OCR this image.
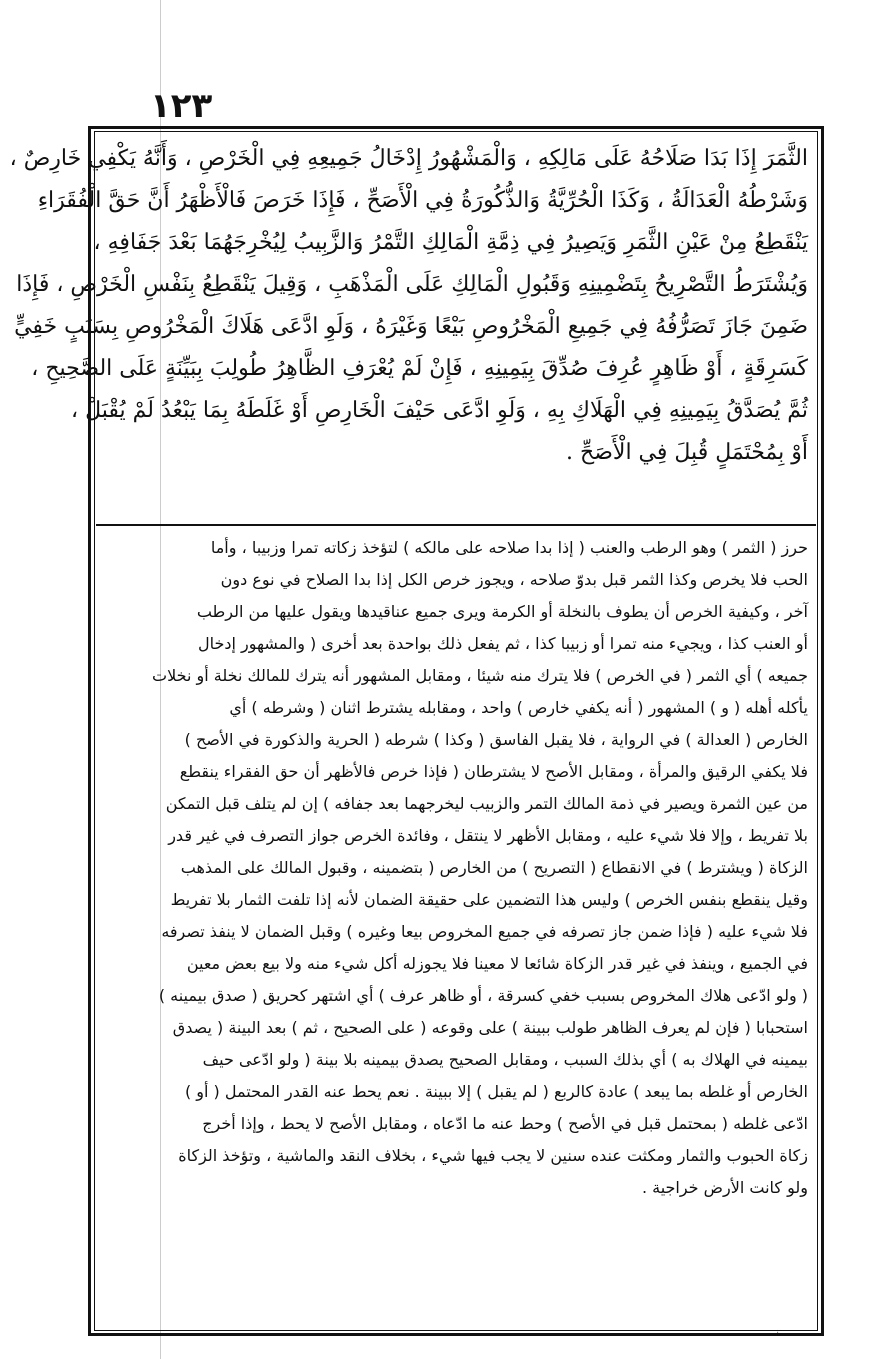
١٢٣
الثَّمَرَ إِذَا بَدَا صَلَاحُهُ عَلَى مَالِكِهِ ، وَالْمَشْهُورُ إِدْخَالُ جَمِيعِهِ فِي الْخَرْصِ ، وَأَنَّهُ يَكْفِي خَارِصٌ ،
وَشَرْطُهُ الْعَدَالَةُ ، وَكَذَا الْحُرِّيَّةُ وَالذُّكُورَةُ فِي الْأَصَحِّ ، فَإِذَا خَرَصَ فَالْأَظْهَرُ أَنَّ حَقَّ الْفُقَرَاءِ
يَنْقَطِعُ مِنْ عَيْنِ الثَّمَرِ وَيَصِيرُ فِي ذِمَّةِ الْمَالِكِ التَّمْرُ وَالزَّبِيبُ لِيُخْرِجَهُمَا بَعْدَ جَفَافِهِ ،
وَيُشْتَرَطُ التَّصْرِيحُ بِتَضْمِينِهِ وَقَبُولِ الْمَالِكِ عَلَى الْمَذْهَبِ ، وَقِيلَ يَنْقَطِعُ بِنَفْسِ الْخَرْصِ ، فَإِذَا
ضَمِنَ جَازَ تَصَرُّفُهُ فِي جَمِيعِ الْمَخْرُوصِ بَيْعًا وَغَيْرَهُ ، وَلَوِ ادَّعَى هَلَاكَ الْمَخْرُوصِ بِسَبَبٍ خَفِيٍّ
كَسَرِقَةٍ ، أَوْ ظَاهِرٍ عُرِفَ صُدِّقَ بِيَمِينِهِ ، فَإِنْ لَمْ يُعْرَفِ الظَّاهِرُ طُولِبَ بِبَيِّنَةٍ عَلَى الصَّحِيحِ ،
ثُمَّ يُصَدَّقُ بِيَمِينِهِ فِي الْهَلَاكِ بِهِ ، وَلَوِ ادَّعَى حَيْفَ الْخَارِصِ أَوْ غَلَطَهُ بِمَا يَبْعُدُ لَمْ يُقْبَلْ ،
أَوْ بِمُحْتَمَلٍ قُبِلَ فِي الْأَصَحِّ .
حرز ( الثمر ) وهو الرطب والعنب ( إذا بدا صلاحه على مالكه ) لتؤخذ زكاته تمرا وزبيبا ، وأما
الحب فلا يخرص وكذا الثمر قبل بدوّ صلاحه ، ويجوز خرص الكل إذا بدا الصلاح في نوع دون
آخر ، وكيفية الخرص أن يطوف بالنخلة أو الكرمة ويرى جميع عناقيدها ويقول عليها من الرطب
أو العنب كذا ، ويجيء منه تمرا أو زبيبا كذا ، ثم يفعل ذلك بواحدة بعد أخرى ( والمشهور إدخال
جميعه ) أي الثمر ( في الخرص ) فلا يترك منه شيئا ، ومقابل المشهور أنه يترك للمالك نخلة أو نخلات
يأكله أهله ( و ) المشهور ( أنه يكفي خارص ) واحد ، ومقابله يشترط اثنان ( وشرطه ) أي
الخارص ( العدالة ) في الرواية ، فلا يقبل الفاسق ( وكذا ) شرطه ( الحرية والذكورة في الأصح )
فلا يكفي الرقيق والمرأة ، ومقابل الأصح لا يشترطان ( فإذا خرص فالأظهر أن حق الفقراء ينقطع
من عين الثمرة ويصير في ذمة المالك التمر والزبيب ليخرجهما بعد جفافه ) إن لم يتلف قبل التمكن
بلا تفريط ، وإلا فلا شيء عليه ، ومقابل الأظهر لا ينتقل ، وفائدة الخرص جواز التصرف في غير قدر
الزكاة ( ويشترط ) في الانقطاع ( التصريح ) من الخارص ( بتضمينه ، وقبول المالك على المذهب
وقيل ينقطع بنفس الخرص ) وليس هذا التضمين على حقيقة الضمان لأنه إذا تلفت الثمار بلا تفريط
فلا شيء عليه ( فإذا ضمن جاز تصرفه في جميع المخروص بيعا وغيره ) وقبل الضمان لا ينفذ تصرفه
في الجميع ، وينفذ في غير قدر الزكاة شائعا لا معينا فلا يجوزله أكل شيء منه ولا بيع بعض معين
( ولو ادّعى هلاك المخروص بسبب خفي كسرقة ، أو ظاهر عرف ) أي اشتهر كحريق ( صدق بيمينه )
استحبابا ( فإن لم يعرف الظاهر طولب ببينة ) على وقوعه ( على الصحيح ، ثم ) بعد البينة ( يصدق
بيمينه في الهلاك به ) أي بذلك السبب ، ومقابل الصحيح يصدق بيمينه بلا بينة ( ولو ادّعى حيف
الخارص أو غلطه بما يبعد ) عادة كالربع ( لم يقبل ) إلا ببينة . نعم يحط عنه القدر المحتمل ( أو )
ادّعى غلطه ( بمحتمل قبل في الأصح ) وحط عنه ما ادّعاه ، ومقابل الأصح لا يحط ، وإذا أخرج
زكاة الحبوب والثمار ومكثت عنده سنين لا يجب فيها شيء ، بخلاف النقد والماشية ، وتؤخذ الزكاة
ولو كانت الأرض خراجية .
·
